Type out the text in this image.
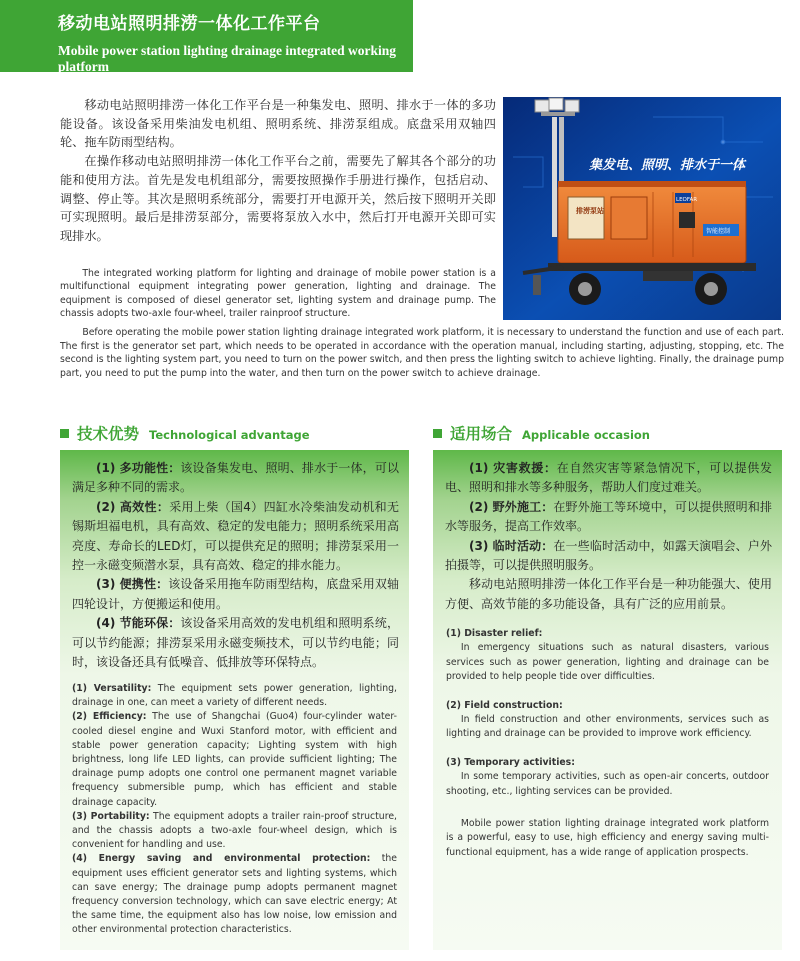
移动电站照明排涝一体化工作平台
Mobile power station lighting drainage integrated working platform

移动电站照明排涝一体化工作平台是一种集发电、照明、排水于一体的多功能设备。该设备采用柴油发电机组、照明系统、排涝泵组成。底盘采用双轴四轮、拖车防雨型结构。

在操作移动电站照明排涝一体化工作平台之前，需要先了解其各个部分的功能和使用方法。首先是发电机组部分，需要按照操作手册进行操作，包括启动、调整、停止等。其次是照明系统部分，需要打开电源开关，然后按下照明开关即可实现照明。最后是排涝泵部分，需要将泵放入水中，然后打开电源开关即可实现排水。

集发电、照明、排水于一体
排涝泵站
LEOFAR
智能控制

The integrated working platform for lighting and drainage of mobile power station is a multifunctional equipment integrating power generation, lighting and drainage. The equipment is composed of diesel generator set, lighting system and drainage pump. The chassis adopts two-axle four-wheel, trailer rainproof structure.

Before operating the mobile power station lighting drainage integrated work platform, it is necessary to understand the function and use of each part. The first is the generator set part, which needs to be operated in accordance with the operation manual, including starting, adjusting, stopping, etc. The second is the lighting system part, you need to turn on the power switch, and then press the lighting switch to achieve lighting. Finally, the drainage pump part, you need to put the pump into the water, and then turn on the power switch to achieve drainage.

技术优势 Technological advantage	适用场合 Applicable occasion

(1) 多功能性：该设备集发电、照明、排水于一体，可以满足多种不同的需求。

(2) 高效性：采用上柴（国4）四缸水冷柴油发动机和无锡斯坦福电机，具有高效、稳定的发电能力；照明系统采用高亮度、寿命长的LED灯，可以提供充足的照明；排涝泵采用一控一永磁变频潜水泵，具有高效、稳定的排水能力。

(3) 便携性：该设备采用拖车防雨型结构，底盘采用双轴四轮设计，方便搬运和使用。

(4) 节能环保：该设备采用高效的发电机组和照明系统，可以节约能源；排涝泵采用永磁变频技术，可以节约电能；同时，该设备还具有低噪音、低排放等环保特点。

(1) Versatility: The equipment sets power generation, lighting, drainage in one, can meet a variety of different needs.

(2) Efficiency: The use of Shangchai (Guo4) four-cylinder water-cooled diesel engine and Wuxi Stanford motor, with efficient and stable power generation capacity; Lighting system with high brightness, long life LED lights, can provide sufficient lighting; The drainage pump adopts one control one permanent magnet variable frequency submersible pump, which has efficient and stable drainage capacity.

(3) Portability: The equipment adopts a trailer rain-proof structure, and the chassis adopts a two-axle four-wheel design, which is convenient for handling and use.

(4) Energy saving and environmental protection: the equipment uses efficient generator sets and lighting systems, which can save energy; The drainage pump adopts permanent magnet frequency conversion technology, which can save electric energy; At the same time, the equipment also has low noise, low emission and other environmental protection characteristics.

(1) 灾害救援：在自然灾害等紧急情况下，可以提供发电、照明和排水等多种服务，帮助人们度过难关。

(2) 野外施工：在野外施工等环境中，可以提供照明和排水等服务，提高工作效率。

(3) 临时活动：在一些临时活动中，如露天演唱会、户外拍摄等，可以提供照明服务。

移动电站照明排涝一体化工作平台是一种功能强大、使用方便、高效节能的多功能设备，具有广泛的应用前景。

(1) Disaster relief:

In emergency situations such as natural disasters, various services such as power generation, lighting and drainage can be provided to help people tide over difficulties.

(2) Field construction:

In field construction and other environments, services such as lighting and drainage can be provided to improve work efficiency.

(3) Temporary activities:

In some temporary activities, such as open-air concerts, outdoor shooting, etc., lighting services can be provided.

Mobile power station lighting drainage integrated work platform is a powerful, easy to use, high efficiency and energy saving multi-functional equipment, has a wide range of application prospects.
